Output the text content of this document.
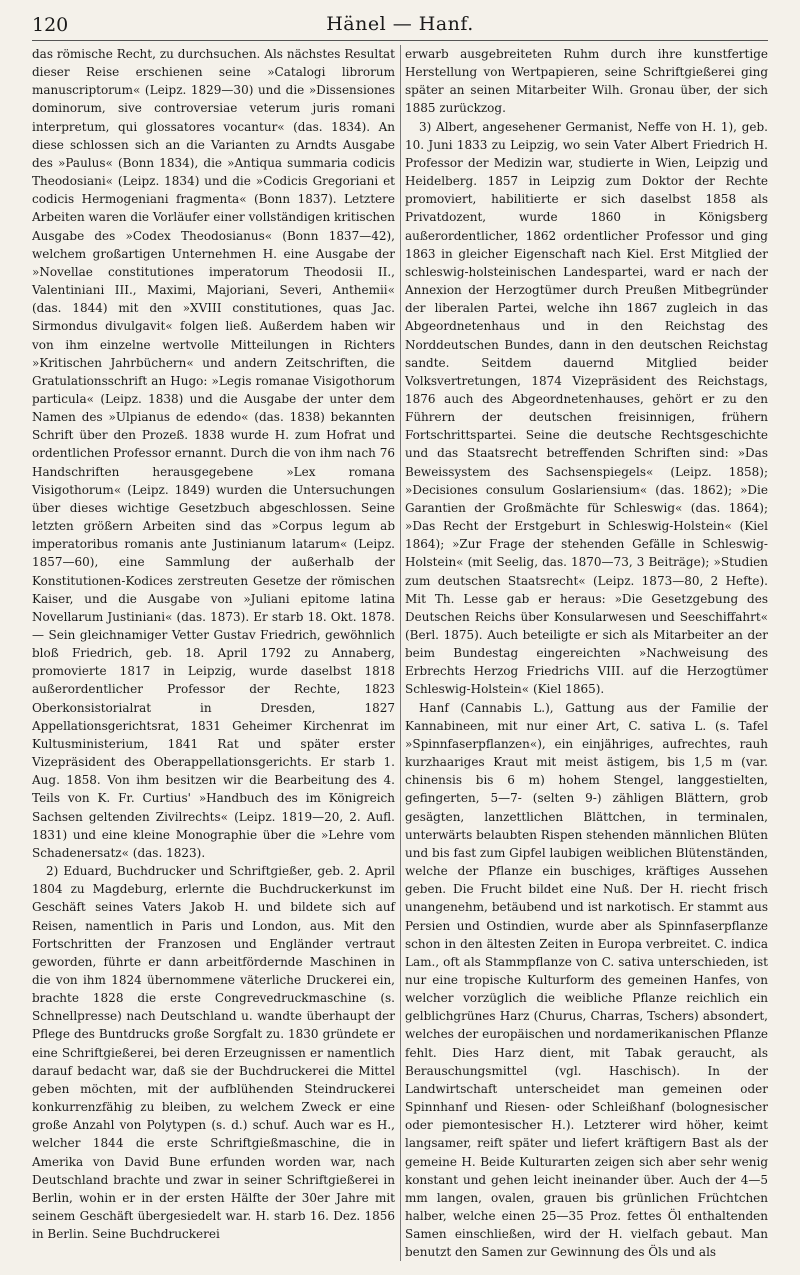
120	Hänel — Hanf.

das römische Recht, zu durchsuchen. Als nächstes Resultat dieser Reise erschienen seine »Catalogi librorum manuscriptorum« (Leipz. 1829—30) und die »Dissensiones dominorum, sive controversiae veterum juris romani interpretum, qui glossatores vocantur« (das. 1834). An diese schlossen sich an die Varianten zu Arndts Ausgabe des »Paulus« (Bonn 1834), die »Antiqua summaria codicis Theodosiani« (Leipz. 1834) und die »Codicis Gregoriani et codicis Hermogeniani fragmenta« (Bonn 1837). Letztere Arbeiten waren die Vorläufer einer vollständigen kritischen Ausgabe des »Codex Theodosianus« (Bonn 1837—42), welchem großartigen Unternehmen H. eine Ausgabe der »Novellae constitutiones imperatorum Theodosii II., Valentiniani III., Maximi, Majoriani, Severi, Anthemii« (das. 1844) mit den »XVIII constitutiones, quas Jac. Sirmondus divulgavit« folgen ließ. Außerdem haben wir von ihm einzelne wertvolle Mitteilungen in Richters »Kritischen Jahrbüchern« und andern Zeitschriften, die Gratulationsschrift an Hugo: »Legis romanae Visigothorum particula« (Leipz. 1838) und die Ausgabe der unter dem Namen des »Ulpianus de edendo« (das. 1838) bekannten Schrift über den Prozeß. 1838 wurde H. zum Hofrat und ordentlichen Professor ernannt. Durch die von ihm nach 76 Handschriften herausgegebene »Lex romana Visigothorum« (Leipz. 1849) wurden die Untersuchungen über dieses wichtige Gesetzbuch abgeschlossen. Seine letzten größern Arbeiten sind das »Corpus legum ab imperatoribus romanis ante Justinianum latarum« (Leipz. 1857—60), eine Sammlung der außerhalb der Konstitutionen-Kodices zerstreuten Gesetze der römischen Kaiser, und die Ausgabe von »Juliani epitome latina Novellarum Justiniani« (das. 1873). Er starb 18. Okt. 1878. — Sein gleichnamiger Vetter Gustav Friedrich, gewöhnlich bloß Friedrich, geb. 18. April 1792 zu Annaberg, promovierte 1817 in Leipzig, wurde daselbst 1818 außerordentlicher Professor der Rechte, 1823 Oberkonsistorialrat in Dresden, 1827 Appellationsgerichtsrat, 1831 Geheimer Kirchenrat im Kultusministerium, 1841 Rat und später erster Vizepräsident des Oberappellationsgerichts. Er starb 1. Aug. 1858. Von ihm besitzen wir die Bearbeitung des 4. Teils von K. Fr. Curtius' »Handbuch des im Königreich Sachsen geltenden Zivilrechts« (Leipz. 1819—20, 2. Aufl. 1831) und eine kleine Monographie über die »Lehre vom Schadenersatz« (das. 1823).

2) Eduard, Buchdrucker und Schriftgießer, geb. 2. April 1804 zu Magdeburg, erlernte die Buchdruckerkunst im Geschäft seines Vaters Jakob H. und bildete sich auf Reisen, namentlich in Paris und London, aus. Mit den Fortschritten der Franzosen und Engländer vertraut geworden, führte er dann arbeitfördernde Maschinen in die von ihm 1824 übernommene väterliche Druckerei ein, brachte 1828 die erste Congrevedruckmaschine (s. Schnellpresse) nach Deutschland u. wandte überhaupt der Pflege des Buntdrucks große Sorgfalt zu. 1830 gründete er eine Schriftgießerei, bei deren Erzeugnissen er namentlich darauf bedacht war, daß sie der Buchdruckerei die Mittel geben möchten, mit der aufblühenden Steindruckerei konkurrenzfähig zu bleiben, zu welchem Zweck er eine große Anzahl von Polytypen (s. d.) schuf. Auch war es H., welcher 1844 die erste Schriftgießmaschine, die in Amerika von David Bune erfunden worden war, nach Deutschland brachte und zwar in seiner Schriftgießerei in Berlin, wohin er in der ersten Hälfte der 30er Jahre mit seinem Geschäft übergesiedelt war. H. starb 16. Dez. 1856 in Berlin. Seine Buchdruckerei

erwarb ausgebreiteten Ruhm durch ihre kunstfertige Herstellung von Wertpapieren, seine Schriftgießerei ging später an seinen Mitarbeiter Wilh. Gronau über, der sich 1885 zurückzog.

3) Albert, angesehener Germanist, Neffe von H. 1), geb. 10. Juni 1833 zu Leipzig, wo sein Vater Albert Friedrich H. Professor der Medizin war, studierte in Wien, Leipzig und Heidelberg. 1857 in Leipzig zum Doktor der Rechte promoviert, habilitierte er sich daselbst 1858 als Privatdozent, wurde 1860 in Königsberg außerordentlicher, 1862 ordentlicher Professor und ging 1863 in gleicher Eigenschaft nach Kiel. Erst Mitglied der schleswig-holsteinischen Landespartei, ward er nach der Annexion der Herzogtümer durch Preußen Mitbegründer der liberalen Partei, welche ihn 1867 zugleich in das Abgeordnetenhaus und in den Reichstag des Norddeutschen Bundes, dann in den deutschen Reichstag sandte. Seitdem dauernd Mitglied beider Volksvertretungen, 1874 Vizepräsident des Reichstags, 1876 auch des Abgeordnetenhauses, gehört er zu den Führern der deutschen freisinnigen, frühern Fortschrittspartei. Seine die deutsche Rechtsgeschichte und das Staatsrecht betreffenden Schriften sind: »Das Beweissystem des Sachsenspiegels« (Leipz. 1858); »Decisiones consulum Goslariensium« (das. 1862); »Die Garantien der Großmächte für Schleswig« (das. 1864); »Das Recht der Erstgeburt in Schleswig-Holstein« (Kiel 1864); »Zur Frage der stehenden Gefälle in Schleswig-Holstein« (mit Seelig, das. 1870—73, 3 Beiträge); »Studien zum deutschen Staatsrecht« (Leipz. 1873—80, 2 Hefte). Mit Th. Lesse gab er heraus: »Die Gesetzgebung des Deutschen Reichs über Konsularwesen und Seeschiffahrt« (Berl. 1875). Auch beteiligte er sich als Mitarbeiter an der beim Bundestag eingereichten »Nachweisung des Erbrechts Herzog Friedrichs VIII. auf die Herzogtümer Schleswig-Holstein« (Kiel 1865).

Hanf (Cannabis L.), Gattung aus der Familie der Kannabineen, mit nur einer Art, C. sativa L. (s. Tafel »Spinnfaserpflanzen«), ein einjähriges, aufrechtes, rauh kurzhaariges Kraut mit meist ästigem, bis 1,5 m (var. chinensis bis 6 m) hohem Stengel, langgestielten, gefingerten, 5—7- (selten 9-) zähligen Blättern, grob gesägten, lanzettlichen Blättchen, in terminalen, unterwärts belaubten Rispen stehenden männlichen Blüten und bis fast zum Gipfel laubigen weiblichen Blütenständen, welche der Pflanze ein buschiges, kräftiges Aussehen geben. Die Frucht bildet eine Nuß. Der H. riecht frisch unangenehm, betäubend und ist narkotisch. Er stammt aus Persien und Ostindien, wurde aber als Spinnfaserpflanze schon in den ältesten Zeiten in Europa verbreitet. C. indica Lam., oft als Stammpflanze von C. sativa unterschieden, ist nur eine tropische Kulturform des gemeinen Hanfes, von welcher vorzüglich die weibliche Pflanze reichlich ein gelblichgrünes Harz (Churus, Charras, Tschers) absondert, welches der europäischen und nordamerikanischen Pflanze fehlt. Dies Harz dient, mit Tabak geraucht, als Berauschungsmittel (vgl. Haschisch). In der Landwirtschaft unterscheidet man gemeinen oder Spinnhanf und Riesen- oder Schleißhanf (bolognesischer oder piemontesischer H.). Letzterer wird höher, keimt langsamer, reift später und liefert kräftigern Bast als der gemeine H. Beide Kulturarten zeigen sich aber sehr wenig konstant und gehen leicht ineinander über. Auch der 4—5 mm langen, ovalen, grauen bis grünlichen Früchtchen halber, welche einen 25—35 Proz. fettes Öl enthaltenden Samen einschließen, wird der H. vielfach gebaut. Man benutzt den Samen zur Gewinnung des Öls und als
